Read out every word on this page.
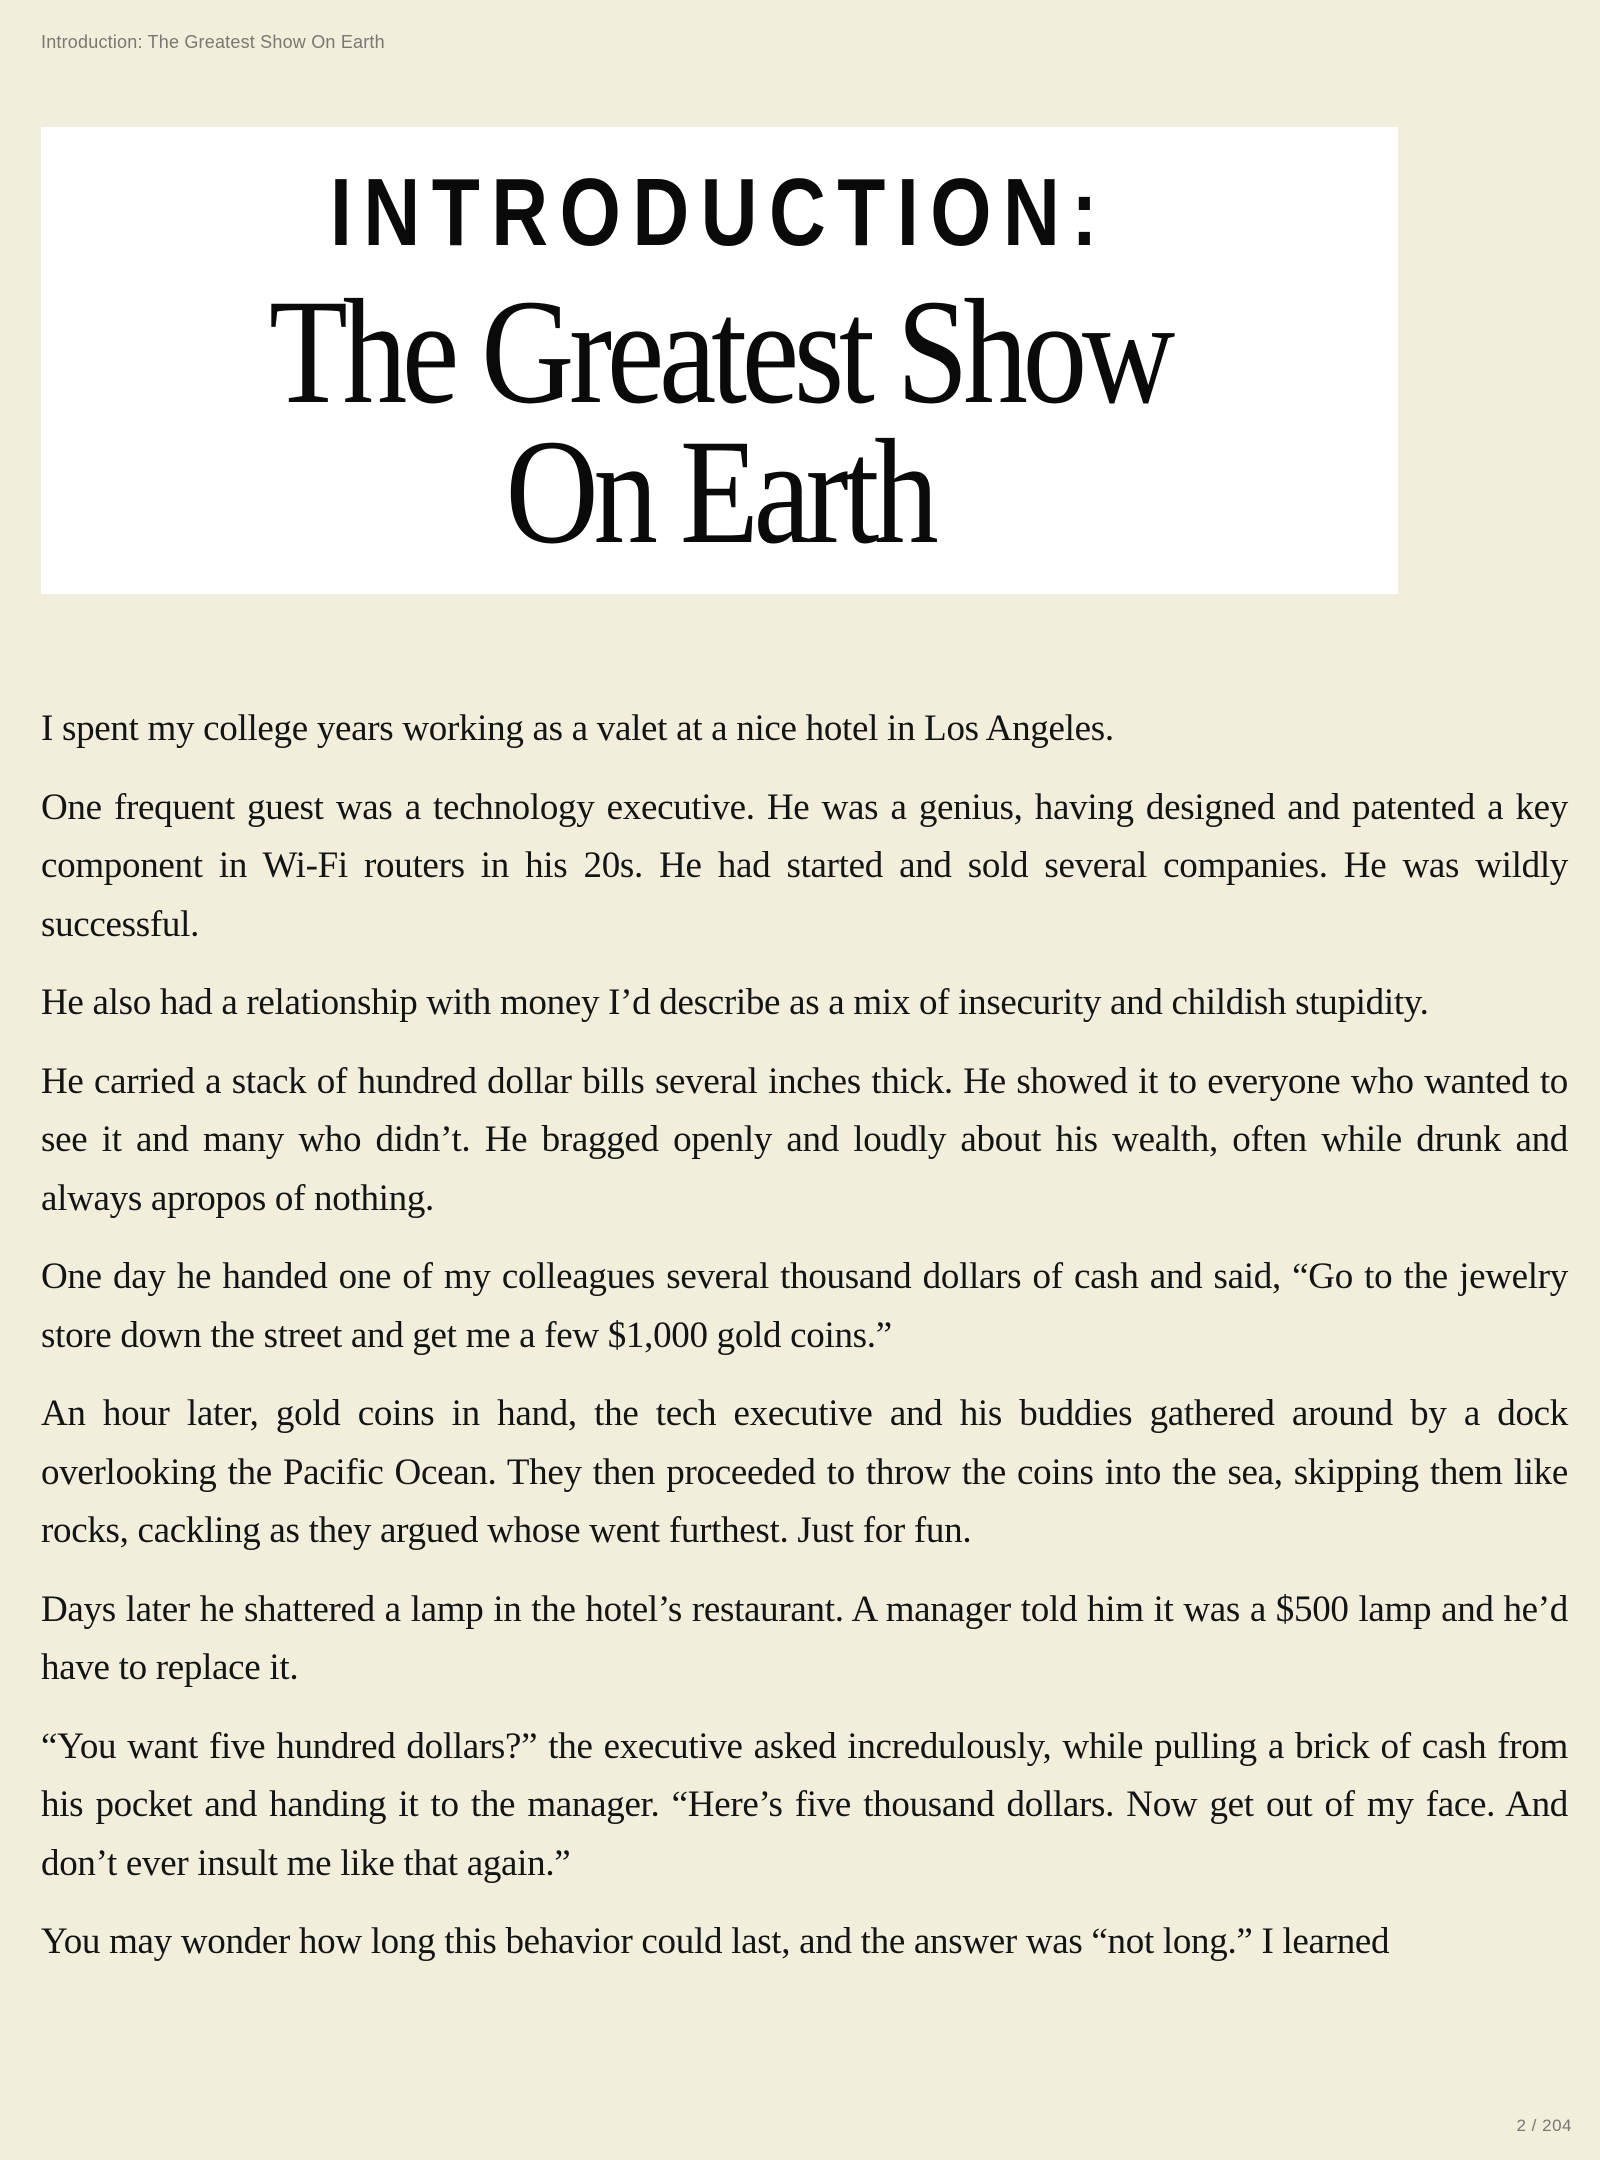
Introduction: The Greatest Show On Earth
INTRODUCTION:
The Greatest Show
On Earth

I spent my college years working as a valet at a nice hotel in Los Angeles.

One frequent guest was a technology executive. He was a genius, having designed and patented a key component in Wi-Fi routers in his 20s. He had started and sold several companies. He was wildly successful.

He also had a relationship with money I’d describe as a mix of insecurity and childish stupidity.

He carried a stack of hundred dollar bills several inches thick. He showed it to everyone who wanted to see it and many who didn’t. He bragged openly and loudly about his wealth, often while drunk and always apropos of nothing.

One day he handed one of my colleagues several thousand dollars of cash and said, “Go to the jewelry store down the street and get me a few $1,000 gold coins.”

An hour later, gold coins in hand, the tech executive and his buddies gathered around by a dock overlooking the Pacific Ocean. They then proceeded to throw the coins into the sea, skipping them like rocks, cackling as they argued whose went furthest. Just for fun.

Days later he shattered a lamp in the hotel’s restaurant. A manager told him it was a $500 lamp and he’d have to replace it.

“You want five hundred dollars?” the executive asked incredulously, while pulling a brick of cash from his pocket and handing it to the manager. “Here’s five thousand dollars. Now get out of my face. And don’t ever insult me like that again.”

You may wonder how long this behavior could last, and the answer was “not long.” I learned

2 / 204
